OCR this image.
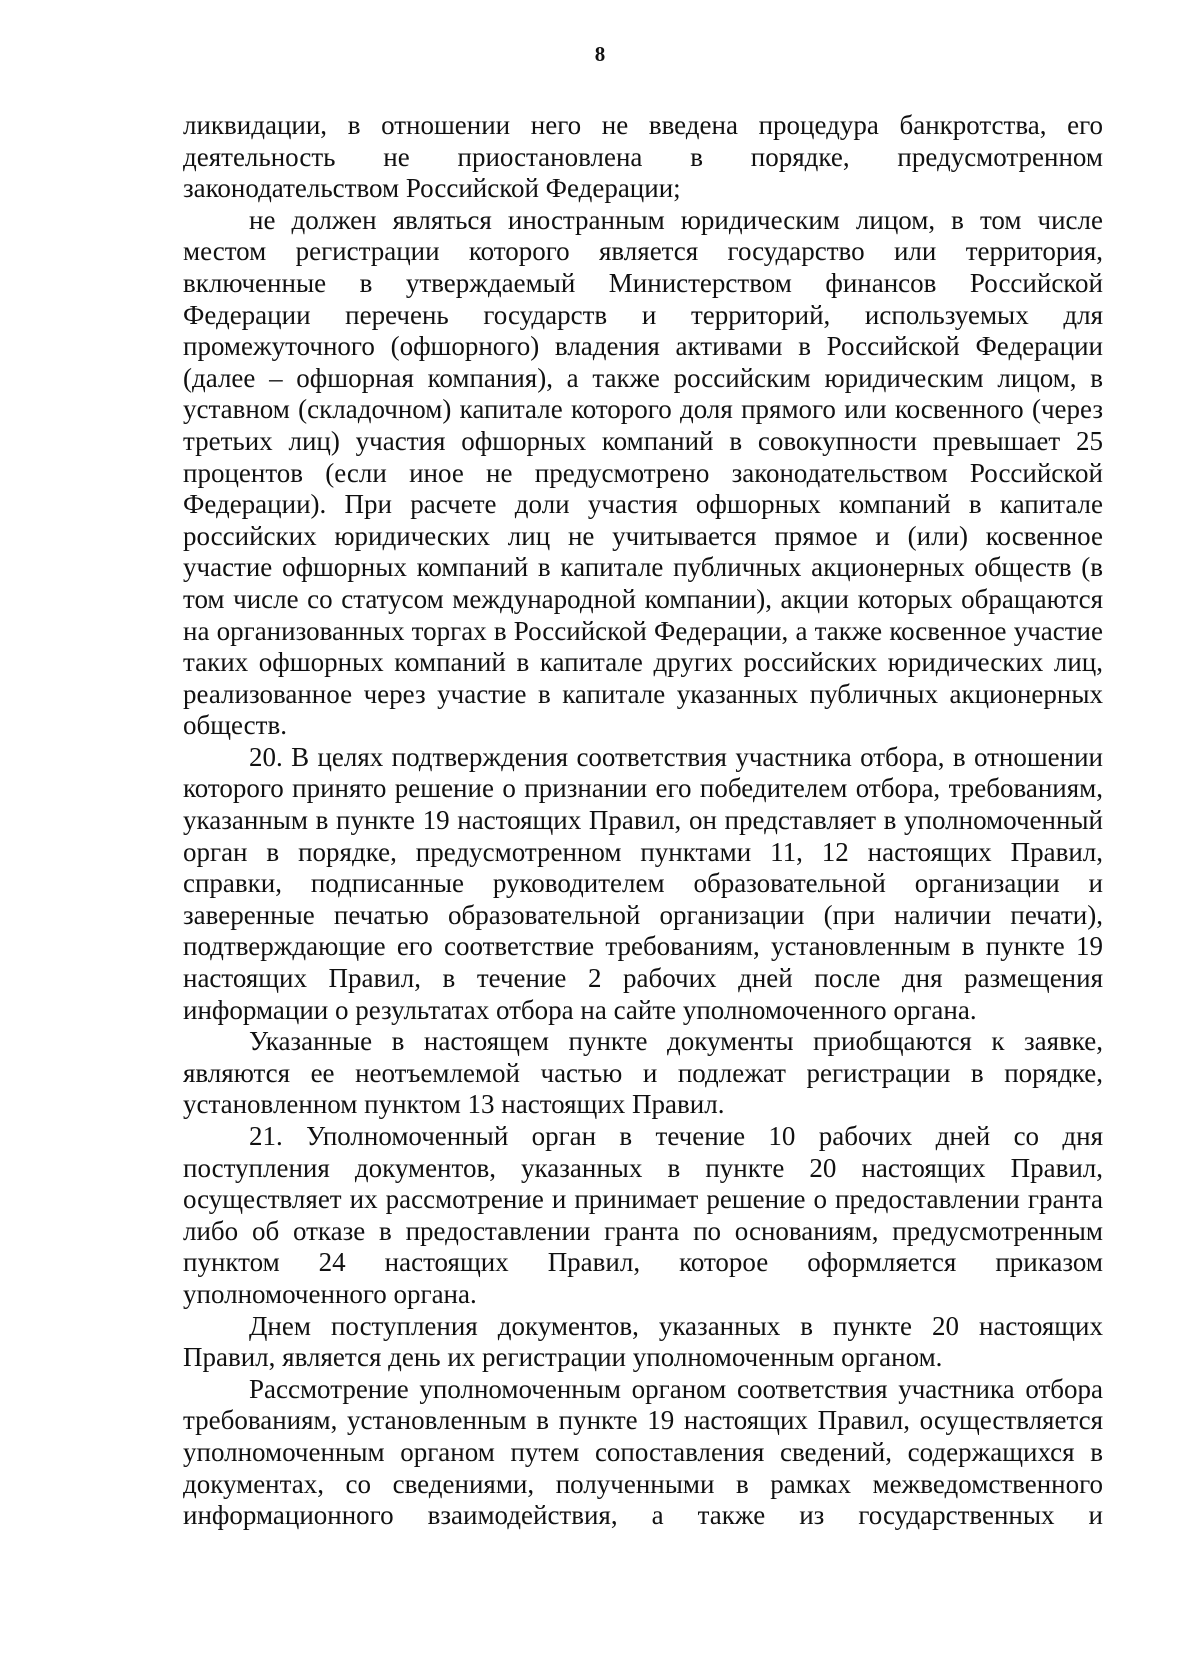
8

ликвидации, в отношении него не введена процедура банкротства, его деятельность не приостановлена в порядке, предусмотренном законодательством Российской Федерации;

не должен являться иностранным юридическим лицом, в том числе местом регистрации которого является государство или территория, включенные в утверждаемый Министерством финансов Российской Федерации перечень государств и территорий, используемых для промежуточного (офшорного) владения активами в Российской Федерации (далее – офшорная компания), а также российским юридическим лицом, в уставном (складочном) капитале которого доля прямого или косвенного (через третьих лиц) участия офшорных компаний в совокупности превышает 25 процентов (если иное не предусмотрено законодательством Российской Федерации). При расчете доли участия офшорных компаний в капитале российских юридических лиц не учитывается прямое и (или) косвенное участие офшорных компаний в капитале публичных акционерных обществ (в том числе со статусом международной компании), акции которых обращаются на организованных торгах в Российской Федерации, а также косвенное участие таких офшорных компаний в капитале других российских юридических лиц, реализованное через участие в капитале указанных публичных акционерных обществ.

20. В целях подтверждения соответствия участника отбора, в отношении которого принято решение о признании его победителем отбора, требованиям, указанным в пункте 19 настоящих Правил, он представляет в уполномоченный орган в порядке, предусмотренном пунктами 11, 12 настоящих Правил, справки, подписанные руководителем образовательной организации и заверенные печатью образовательной организации (при наличии печати), подтверждающие его соответствие требованиям, установленным в пункте 19 настоящих Правил, в течение 2 рабочих дней после дня размещения информации о результатах отбора на сайте уполномоченного органа.

Указанные в настоящем пункте документы приобщаются к заявке, являются ее неотъемлемой частью и подлежат регистрации в порядке, установленном пунктом 13 настоящих Правил.

21. Уполномоченный орган в течение 10 рабочих дней со дня поступления документов, указанных в пункте 20 настоящих Правил, осуществляет их рассмотрение и принимает решение о предоставлении гранта либо об отказе в предоставлении гранта по основаниям, предусмотренным пунктом 24 настоящих Правил, которое оформляется приказом уполномоченного органа.

Днем поступления документов, указанных в пункте 20 настоящих Правил, является день их регистрации уполномоченным органом.

Рассмотрение уполномоченным органом соответствия участника отбора требованиям, установленным в пункте 19 настоящих Правил, осуществляется уполномоченным органом путем сопоставления сведений, содержащихся в документах, со сведениями, полученными в рамках межведомственного информационного взаимодействия, а также из государственных и
